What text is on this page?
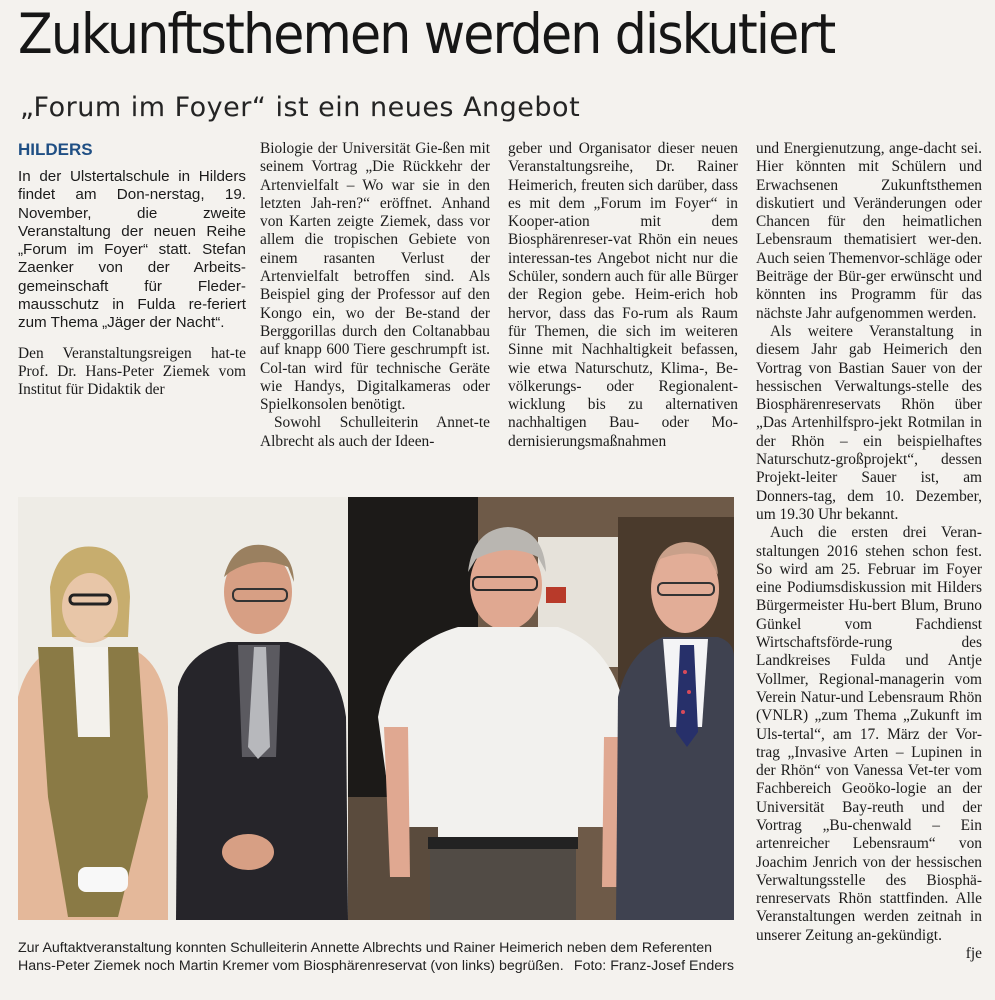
Zukunftsthemen werden diskutiert
„Forum im Foyer“ ist ein neues Angebot

HILDERS

In der Ulstertalschule in Hilders findet am Don-nerstag, 19. November, die zweite Veranstaltung der neuen Reihe „Forum im Foyer“ statt. Stefan Zaenker von der Arbeits-gemeinschaft für Fleder-mausschutz in Fulda re-feriert zum Thema „Jäger der Nacht“.

Den Veranstaltungsreigen hat-te Prof. Dr. Hans-Peter Ziemek vom Institut für Didaktik der

Biologie der Universität Gie-ßen mit seinem Vortrag „Die Rückkehr der Artenvielfalt – Wo war sie in den letzten Jah-ren?“ eröffnet. Anhand von Karten zeigte Ziemek, dass vor allem die tropischen Gebiete von einem rasanten Verlust der Artenvielfalt betroffen sind. Als Beispiel ging der Professor auf den Kongo ein, wo der Be-stand der Berggorillas durch den Coltanabbau auf knapp 600 Tiere geschrumpft ist. Col-tan wird für technische Geräte wie Handys, Digitalkameras oder Spielkonsolen benötigt.

Sowohl Schulleiterin Annet-te Albrecht als auch der Ideen-

geber und Organisator dieser neuen Veranstaltungsreihe, Dr. Rainer Heimerich, freuten sich darüber, dass es mit dem „Forum im Foyer“ in Kooper-ation mit dem Biosphärenreser-vat Rhön ein neues interessan-tes Angebot nicht nur die Schüler, sondern auch für alle Bürger der Region gebe. Heim-erich hob hervor, dass das Fo-rum als Raum für Themen, die sich im weiteren Sinne mit Nachhaltigkeit befassen, wie etwa Naturschutz, Klima-, Be-völkerungs- oder Regionalent-wicklung bis zu alternativen nachhaltigen Bau- oder Mo-dernisierungsmaßnahmen

und Energienutzung, ange-dacht sei. Hier könnten mit Schülern und Erwachsenen Zukunftsthemen diskutiert und Veränderungen oder Chancen für den heimatlichen Lebensraum thematisiert wer-den. Auch seien Themenvor-schläge oder Beiträge der Bür-ger erwünscht und könnten ins Programm für das nächste Jahr aufgenommen werden.

Als weitere Veranstaltung in diesem Jahr gab Heimerich den Vortrag von Bastian Sauer von der hessischen Verwaltungs-stelle des Biosphärenreservats Rhön über „Das Artenhilfspro-jekt Rotmilan in der Rhön – ein beispielhaftes Naturschutz-großprojekt“, dessen Projekt-leiter Sauer ist, am Donners-tag, dem 10. Dezember, um 19.30 Uhr bekannt.

Auch die ersten drei Veran-staltungen 2016 stehen schon fest. So wird am 25. Februar im Foyer eine Podiumsdiskussion mit Hilders Bürgermeister Hu-bert Blum, Bruno Günkel vom Fachdienst Wirtschaftsförde-rung des Landkreises Fulda und Antje Vollmer, Regional-managerin vom Verein Natur-und Lebensraum Rhön (VNLR) „zum Thema „Zukunft im Uls-tertal“, am 17. März der Vor-trag „Invasive Arten – Lupinen in der Rhön“ von Vanessa Vet-ter vom Fachbereich Geoöko-logie an der Universität Bay-reuth und der Vortrag „Bu-chenwald – Ein artenreicher Lebensraum“ von Joachim Jenrich von der hessischen Verwaltungsstelle des Biosphä-renreservats Rhön stattfinden. Alle Veranstaltungen werden zeitnah in unserer Zeitung an-gekündigt.

fje

Zur Auftaktveranstaltung konnten Schulleiterin Annette Albrechts und Rainer Heimerich neben dem Referenten Hans-Peter Ziemek noch Martin Kremer vom Biosphärenreservat (von links) begrüßen. Foto: Franz-Josef Enders
